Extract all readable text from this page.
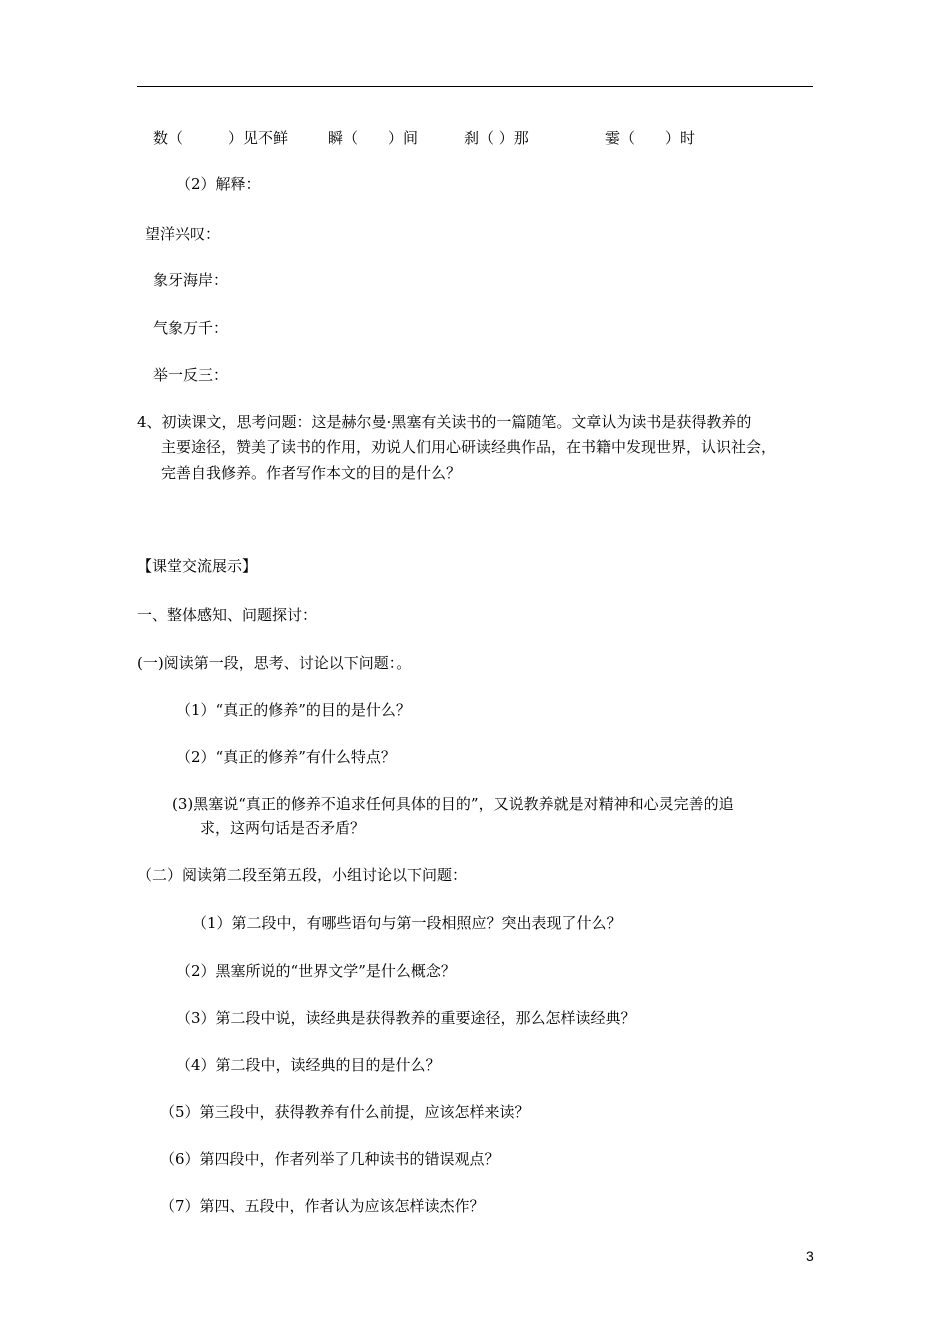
数（　　　）见不鲜	瞬（　　）间	刹（ ）那	霎（　　）时
（2）解释：
望洋兴叹：
象牙海岸：
气象万千：
举一反三：
4、初读课文，思考问题：这是赫尔曼·黑塞有关读书的一篇随笔。文章认为读书是获得教养的
主要途径，赞美了读书的作用，劝说人们用心研读经典作品，在书籍中发现世界，认识社会，
完善自我修养。作者写作本文的目的是什么？
【课堂交流展示】
一、整体感知、问题探讨：
(一)阅读第一段，思考、讨论以下问题：。
（1）“真正的修养”的目的是什么？
（2）“真正的修养”有什么特点？
(3)黑塞说“真正的修养不追求任何具体的目的”，又说教养就是对精神和心灵完善的追
求，这两句话是否矛盾？
（二）阅读第二段至第五段，小组讨论以下问题：
（1）第二段中，有哪些语句与第一段相照应？突出表现了什么？
（2）黑塞所说的“世界文学”是什么概念？
（3）第二段中说，读经典是获得教养的重要途径，那么怎样读经典？
（4）第二段中，读经典的目的是什么？
（5）第三段中，获得教养有什么前提，应该怎样来读？
（6）第四段中，作者列举了几种读书的错误观点？
（7）第四、五段中，作者认为应该怎样读杰作？
3
